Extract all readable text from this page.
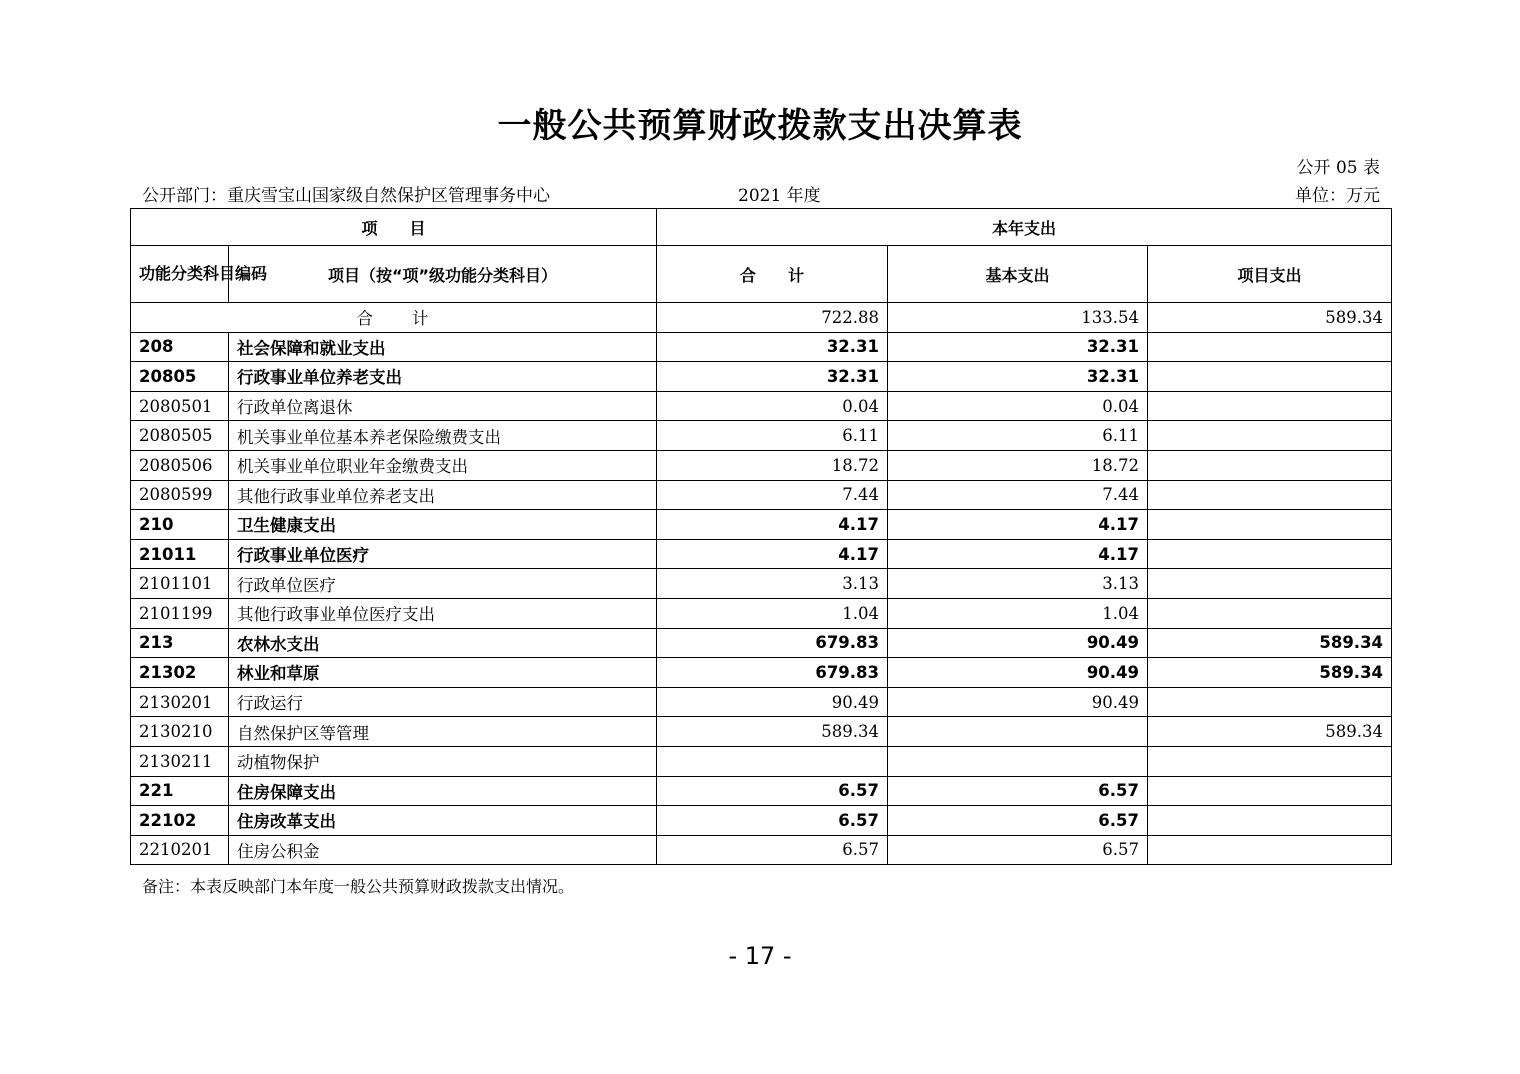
一般公共预算财政拨款支出决算表
公开 05 表
公开部门：重庆雪宝山国家级自然保护区管理事务中心	2021 年度	单位：万元
项　　目		本年支出		
功能分类科目编码	项目（按“项”级功能分类科目）	合　　计	基本支出	项目支出
合　　计		722.88	133.54	589.34
208	社会保障和就业支出	32.31	32.31	
20805	行政事业单位养老支出	32.31	32.31	
2080501	行政单位离退休	0.04	0.04	
2080505	机关事业单位基本养老保险缴费支出	6.11	6.11	
2080506	机关事业单位职业年金缴费支出	18.72	18.72	
2080599	其他行政事业单位养老支出	7.44	7.44	
210	卫生健康支出	4.17	4.17	
21011	行政事业单位医疗	4.17	4.17	
2101101	行政单位医疗	3.13	3.13	
2101199	其他行政事业单位医疗支出	1.04	1.04	
213	农林水支出	679.83	90.49	589.34
21302	林业和草原	679.83	90.49	589.34
2130201	行政运行	90.49	90.49	
2130210	自然保护区等管理	589.34		589.34
2130211	动植物保护			
221	住房保障支出	6.57	6.57	
22102	住房改革支出	6.57	6.57	
2210201	住房公积金	6.57	6.57	
备注：本表反映部门本年度一般公共预算财政拨款支出情况。
- 17 -
